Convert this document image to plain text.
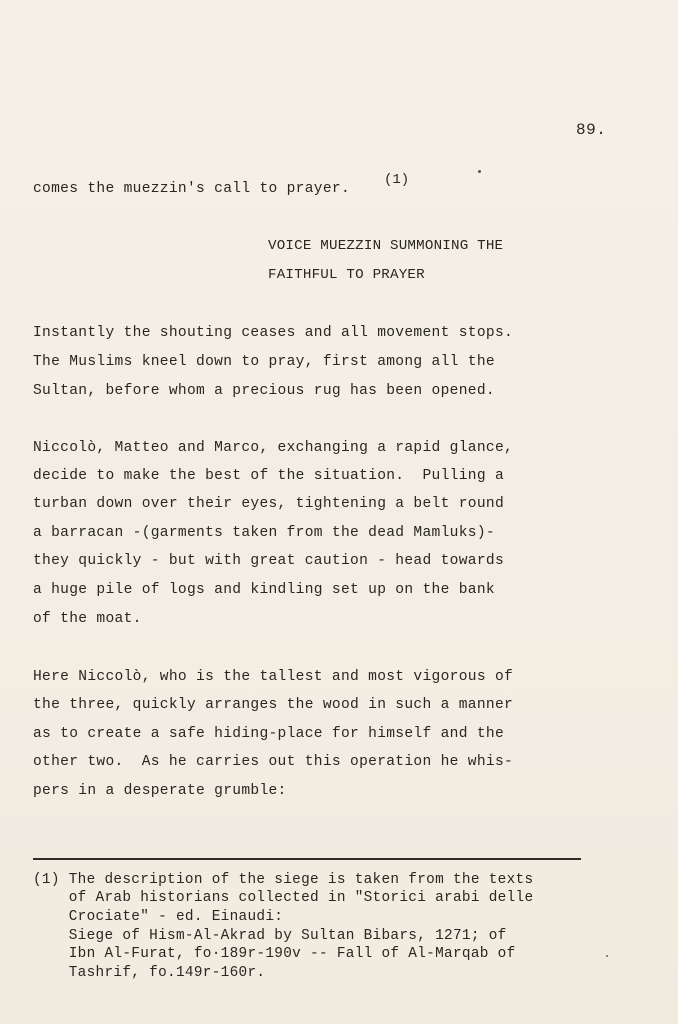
89.
comes the muezzin's call to prayer.
(1)
VOICE MUEZZIN SUMMONING THE
FAITHFUL TO PRAYER
Instantly the shouting ceases and all movement stops.
The Muslims kneel down to pray, first among all the
Sultan, before whom a precious rug has been opened.
Niccolò, Matteo and Marco, exchanging a rapid glance,
decide to make the best of the situation.  Pulling a
turban down over their eyes, tightening a belt round
a barracan -(garments taken from the dead Mamluks)-
they quickly - but with great caution - head towards
a huge pile of logs and kindling set up on the bank
of the moat.
Here Niccolò, who is the tallest and most vigorous of
the three, quickly arranges the wood in such a manner
as to create a safe hiding-place for himself and the
other two.  As he carries out this operation he whis-
pers in a desperate grumble:
(1) The description of the siege is taken from the texts
of Arab historians collected in "Storici arabi delle
Crociate" - ed. Einaudi:
Siege of Hism-Al-Akrad by Sultan Bibars, 1271; of
Ibn Al-Furat, fo·189r-190v -- Fall of Al-Marqab of
Tashrif, fo.149r-160r.
